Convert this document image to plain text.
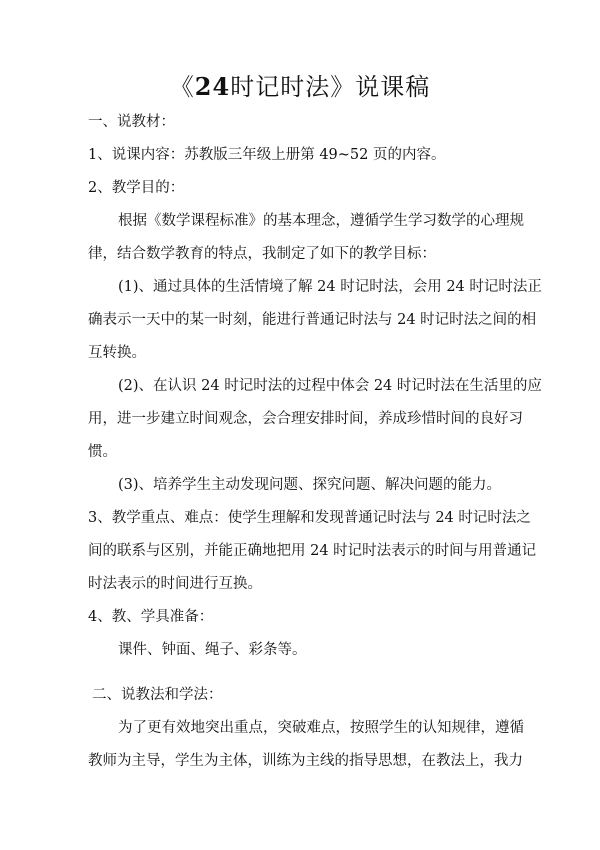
《24时记时法》说课稿

一、说教材：

1、说课内容：苏教版三年级上册第 49~52 页的内容。

2、教学目的：

根据《数学课程标准》的基本理念，遵循学生学习数学的心理规

律，结合数学教育的特点，我制定了如下的教学目标：

(1)、通过具体的生活情境了解 24 时记时法，会用 24 时记时法正

确表示一天中的某一时刻，能进行普通记时法与 24 时记时法之间的相

互转换。

(2)、在认识 24 时记时法的过程中体会 24 时记时法在生活里的应

用，进一步建立时间观念，会合理安排时间，养成珍惜时间的良好习

惯。

(3)、培养学生主动发现问题、探究问题、解决问题的能力。

3、教学重点、难点：使学生理解和发现普通记时法与 24 时记时法之

间的联系与区别，并能正确地把用 24 时记时法表示的时间与用普通记

时法表示的时间进行互换。

4、教、学具准备：

课件、钟面、绳子、彩条等。

二、说教法和学法：

为了更有效地突出重点，突破难点，按照学生的认知规律，遵循

教师为主导，学生为主体，训练为主线的指导思想，在教法上，我力
